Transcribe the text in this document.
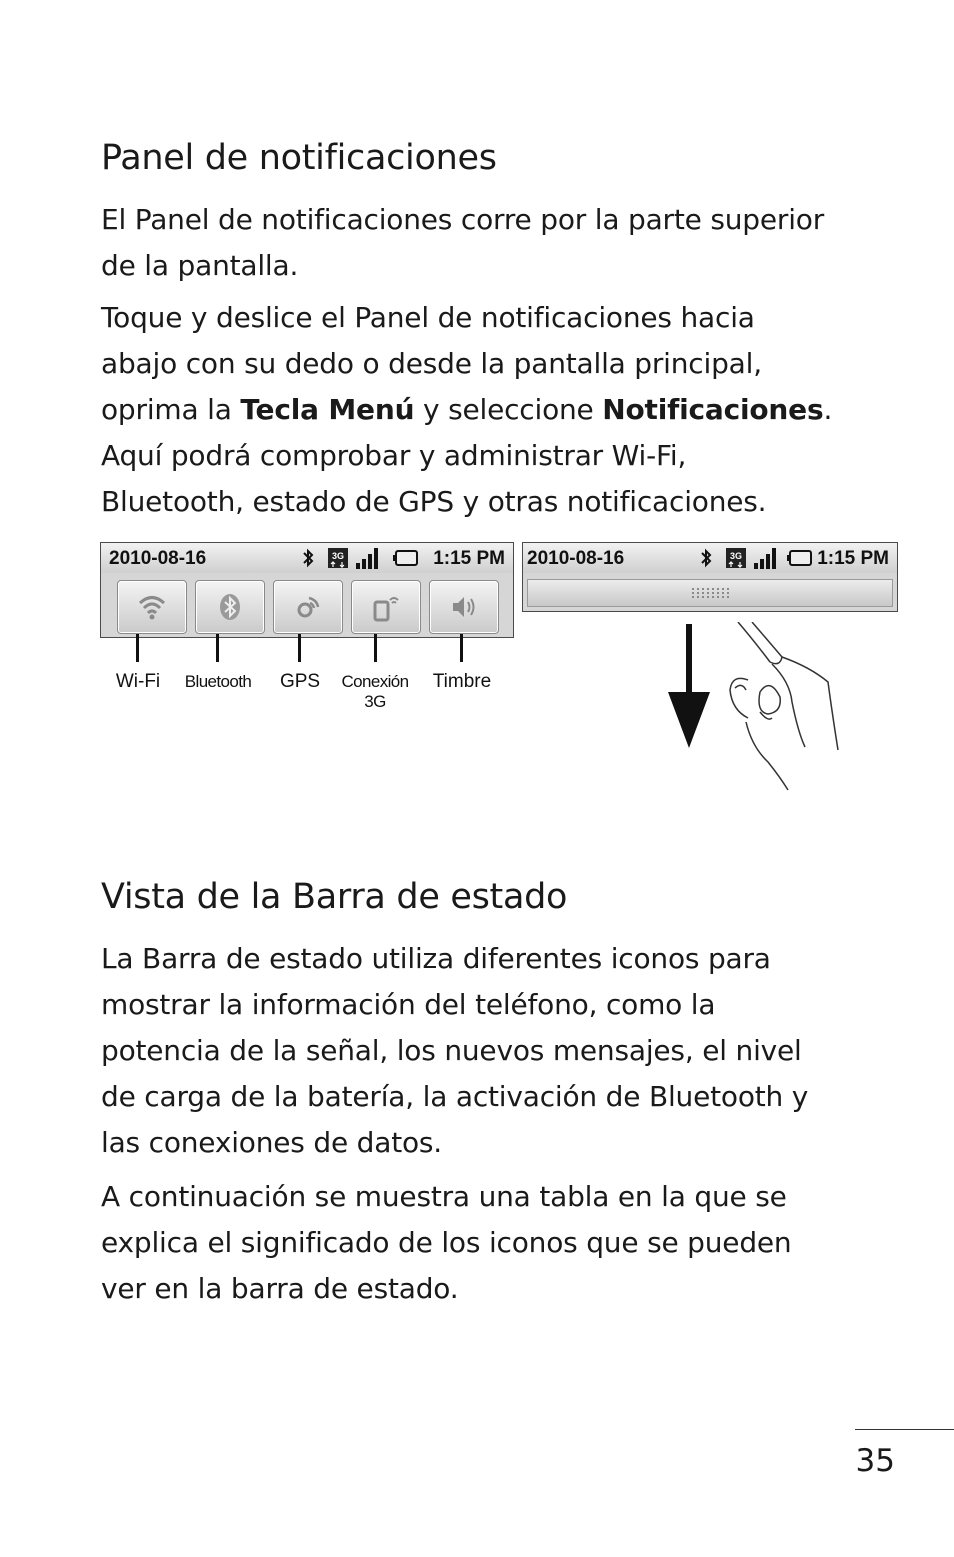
Panel de notificaciones

El Panel de notificaciones corre por la parte superior
de la pantalla.

Toque y deslice el Panel de notificaciones hacia
abajo con su dedo o desde la pantalla principal,
oprima la Tecla Menú y seleccione Notificaciones.
Aquí podrá comprobar y administrar Wi-Fi,
Bluetooth, estado de GPS y otras notificaciones.

2010-08-16	3G	1:15 PM
Wi-Fi	Bluetooth	GPS	Conexión
3G
Timbre
2010-08-16	3G	1:15 PM
Vista de la Barra de estado

La Barra de estado utiliza diferentes iconos para
mostrar la información del teléfono, como la
potencia de la señal, los nuevos mensajes, el nivel
de carga de la batería, la activación de Bluetooth y
las conexiones de datos.

A continuación se muestra una tabla en la que se
explica el significado de los iconos que se pueden
ver en la barra de estado.

35
